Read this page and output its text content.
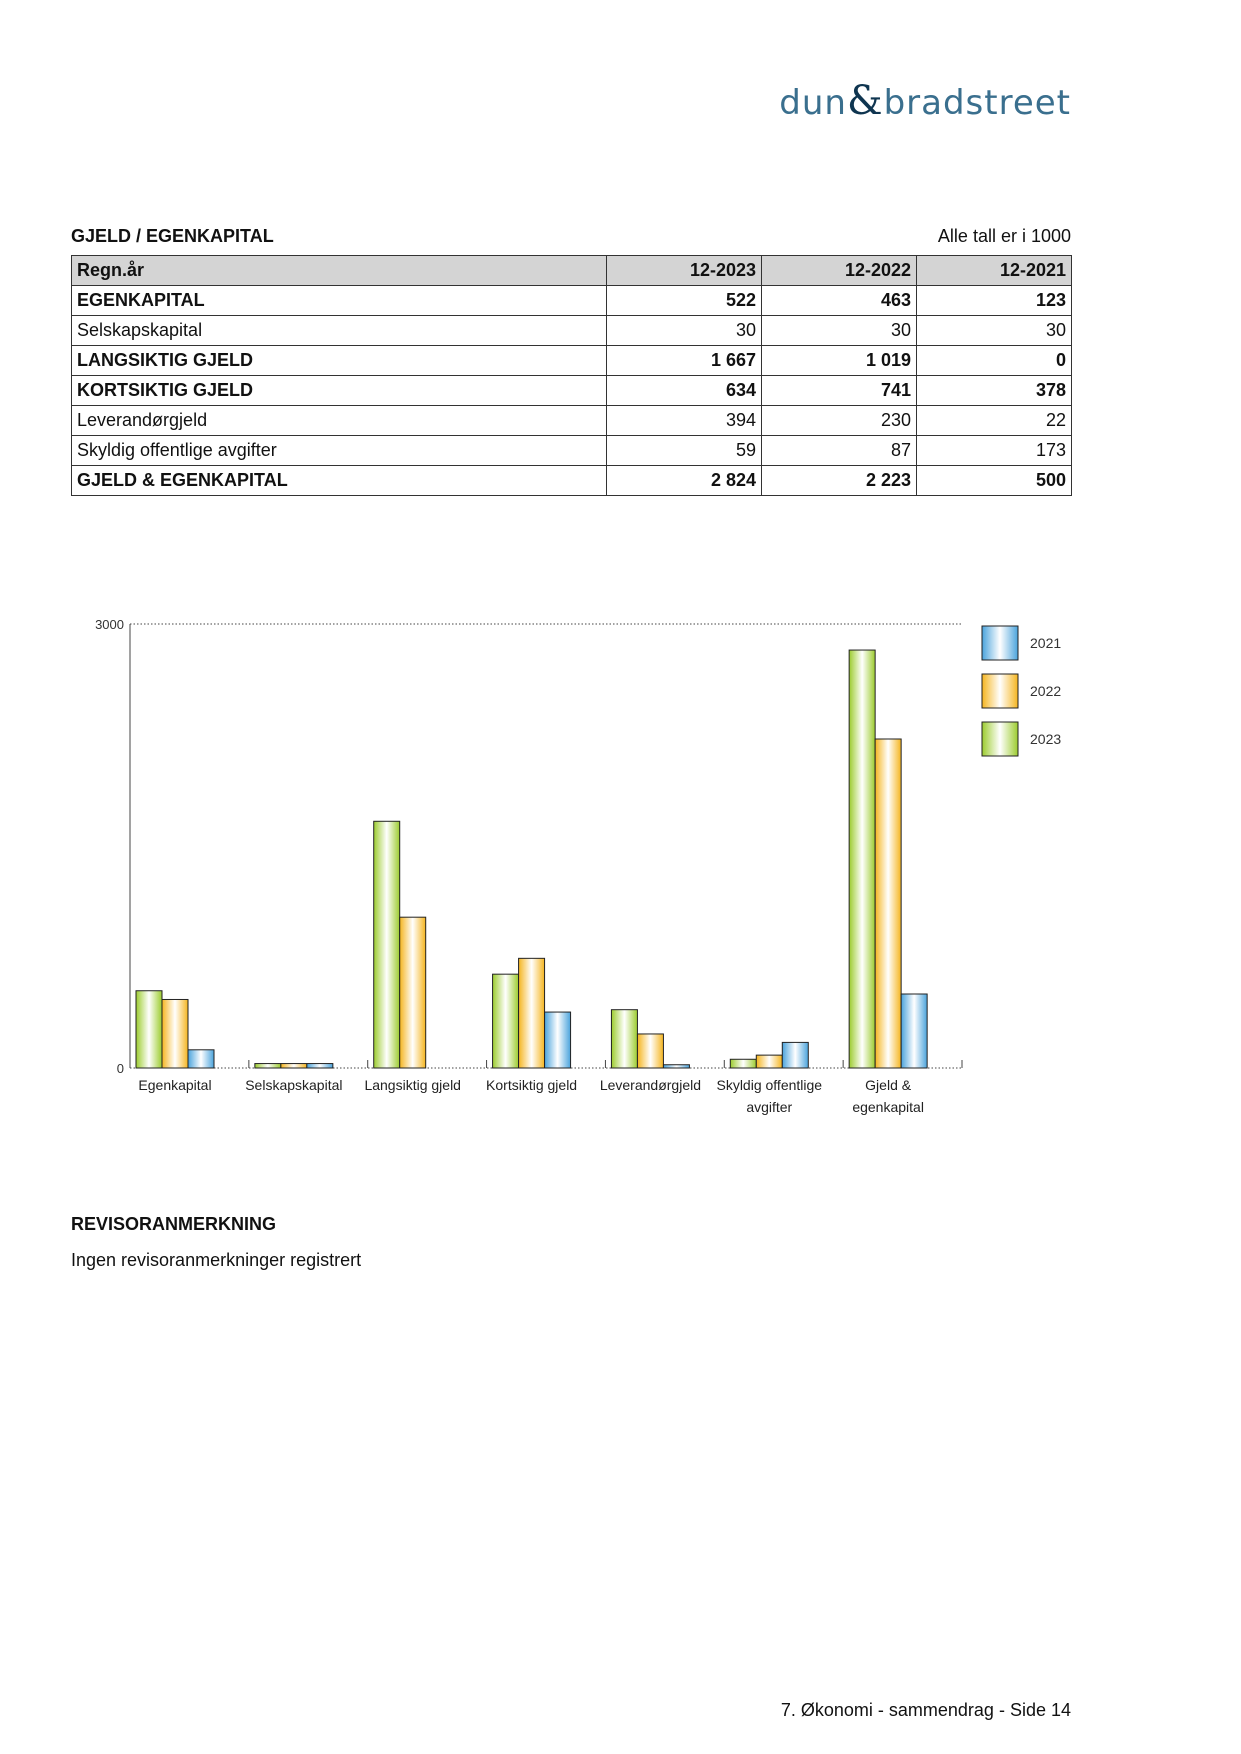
dun&bradstreet
GJELD / EGENKAPITAL	Alle tall er i 1000
Regn.år	12-2023	12-2022	12-2021
EGENKAPITAL	522	463	123
Selskapskapital	30	30	30
LANGSIKTIG GJELD	1 667	1 019	0
KORTSIKTIG GJELD	634	741	378
Leverandørgjeld	394	230	22
Skyldig offentlige avgifter	59	87	173
GJELD & EGENKAPITAL	2 824	2 223	500
0
3000
Egenkapital Selskapskapital Langsiktig gjeld Kortsiktig gjeld Leverandørgjeld Skyldig offentlige
avgifter
Gjeld &
egenkapital
2021
2022
2023
REVISORANMERKNING
Ingen revisoranmerkninger registrert
7. Økonomi - sammendrag - Side 14
